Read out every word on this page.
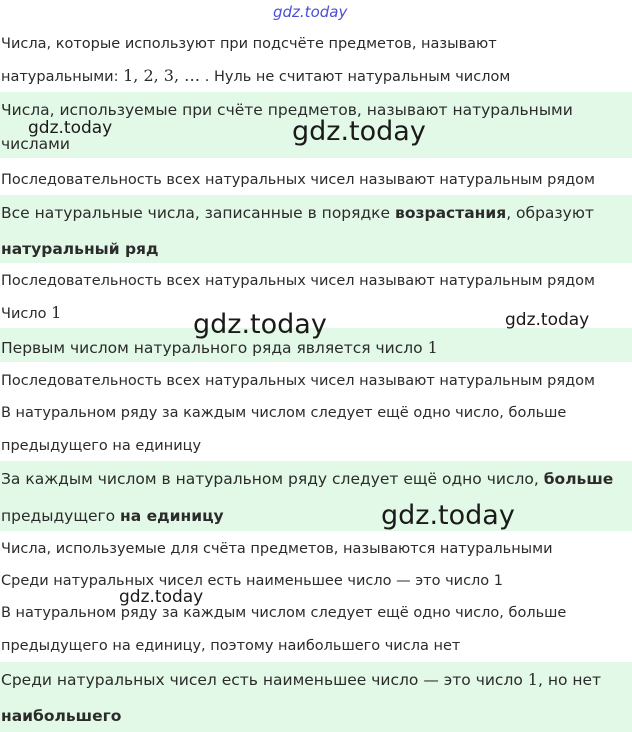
Числа, которые используют при подсчёте предметов, называют
натуральными: 1, 2, 3, … . Нуль не считают натуральным числом
Числа, используемые при счёте предметов, называют натуральными
числами
Последовательность всех натуральных чисел называют натуральным рядом
Все натуральные числа, записанные в порядке возрастания, образуют
натуральный ряд
Последовательность всех натуральных чисел называют натуральным рядом
Число 1
Первым числом натурального ряда является число 1
Последовательность всех натуральных чисел называют натуральным рядом
В натуральном ряду за каждым числом следует ещё одно число, больше
предыдущего на единицу
За каждым числом в натуральном ряду следует ещё одно число, больше
предыдущего на единицу
Числа, используемые для счёта предметов, называются натуральными
Среди натуральных чисел есть наименьшее число — это число 1
В натуральном ряду за каждым числом следует ещё одно число, больше
предыдущего на единицу, поэтому наибольшего числа нет
Среди натуральных чисел есть наименьшее число — это число 1, но нет
наибольшего
gdz.today
gdz.today	gdz.today
gdz.today	gdz.today
gdz.today
gdz.today
